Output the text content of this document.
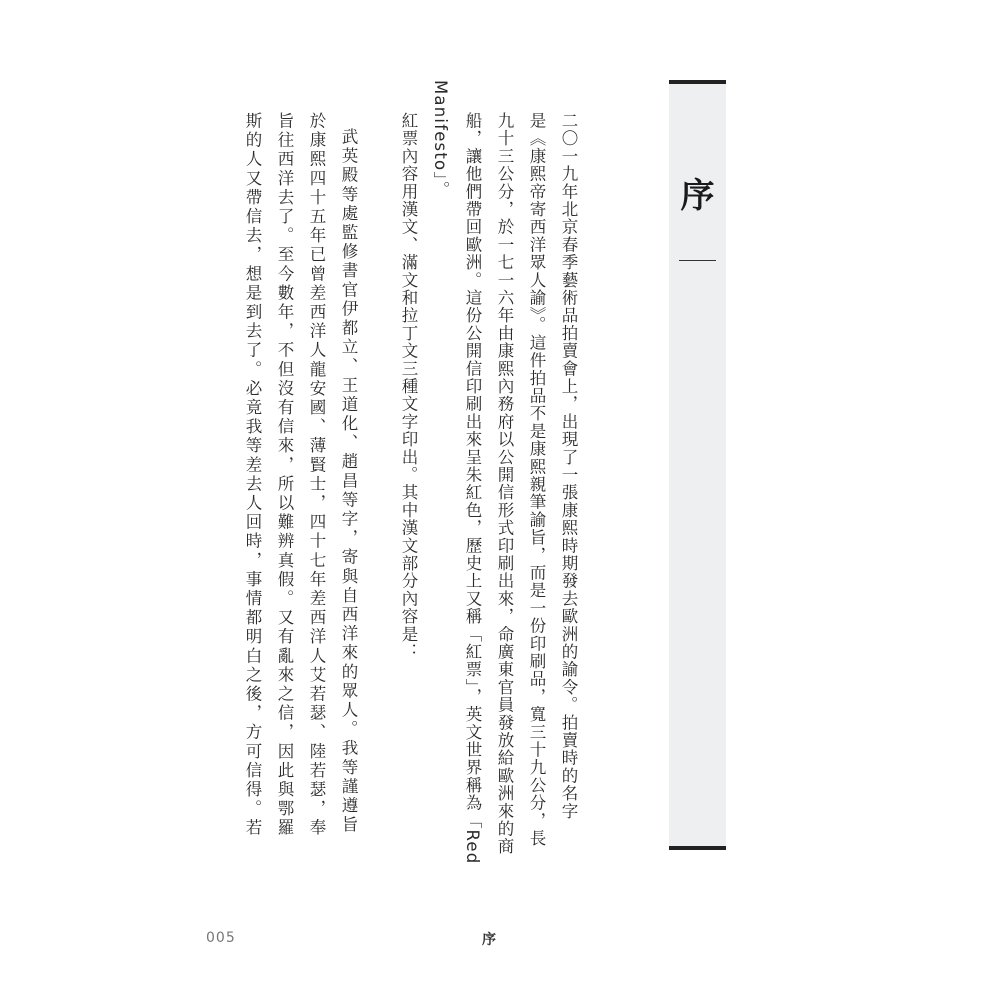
序
二〇一九年北京春季藝術品拍賣會上，出現了一張康熙時期發去歐洲的諭令。拍賣時的名字
是《康熙帝寄西洋眾人諭》。這件拍品不是康熙親筆諭旨，而是一份印刷品，寬三十九公分，長
九十三公分，於一七一六年由康熙內務府以公開信形式印刷出來，命廣東官員發放給歐洲來的商
船，讓他們帶回歐洲。這份公開信印刷出來呈朱紅色，歷史上又稱「紅票」，英文世界稱為「Red
Manifesto」。
紅票內容用漢文、滿文和拉丁文三種文字印出。其中漢文部分內容是：
武英殿等處監修書官伊都立、王道化、趙昌等字，寄與自西洋來的眾人。我等謹遵旨
於康熙四十五年已曾差西洋人龍安國、薄賢士，四十七年差西洋人艾若瑟、陸若瑟，奉
旨往西洋去了。至今數年，不但沒有信來，所以難辨真假。又有亂來之信，因此與鄂羅
斯的人又帶信去，想是到去了。必竟我等差去人回時，事情都明白之後，方可信得。若
005	序
